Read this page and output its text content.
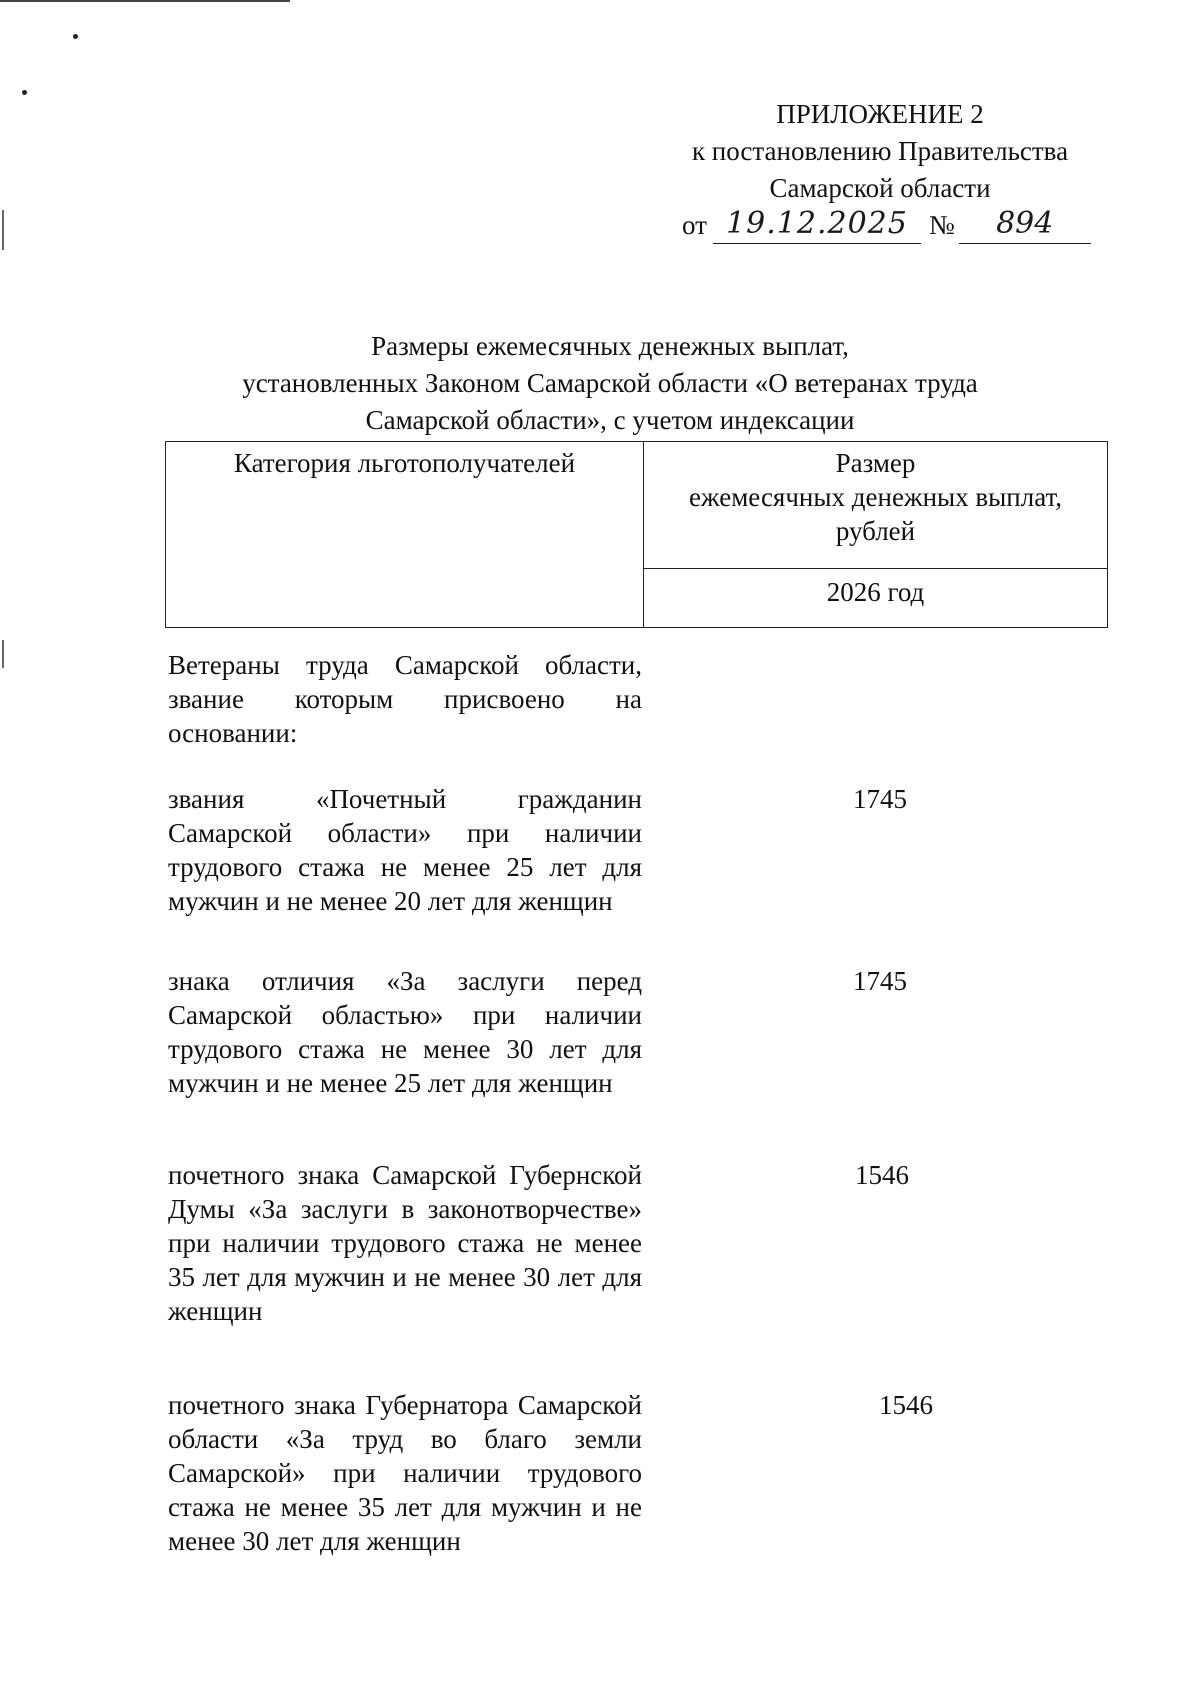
ПРИЛОЖЕНИЕ 2
к постановлению Правительства
Самарской области
от 19.12.2025 №	894
Размеры ежемесячных денежных выплат,
установленных Законом Самарской области «О ветеранах труда
Самарской области», с учетом индексации
Категория льготополучателей	Размер
ежемесячных денежных выплат,
рублей
2026 год
Ветераны труда Самарской области, звание которым присвоено на основании:
звания «Почетный гражданин Самарской области» при наличии трудового стажа не менее 25 лет для мужчин и не менее 20 лет для женщин
1745
знака отличия «За заслуги перед Самарской областью» при наличии трудового стажа не менее 30 лет для мужчин и не менее 25 лет для женщин
1745
почетного знака Самарской Губернской Думы «За заслуги в законотворчестве» при наличии трудового стажа не менее 35 лет для мужчин и не менее 30 лет для женщин
1546
почетного знака Губернатора Самарской области «За труд во благо земли Самарской» при наличии трудового стажа не менее 35 лет для мужчин и не менее 30 лет для женщин
1546
